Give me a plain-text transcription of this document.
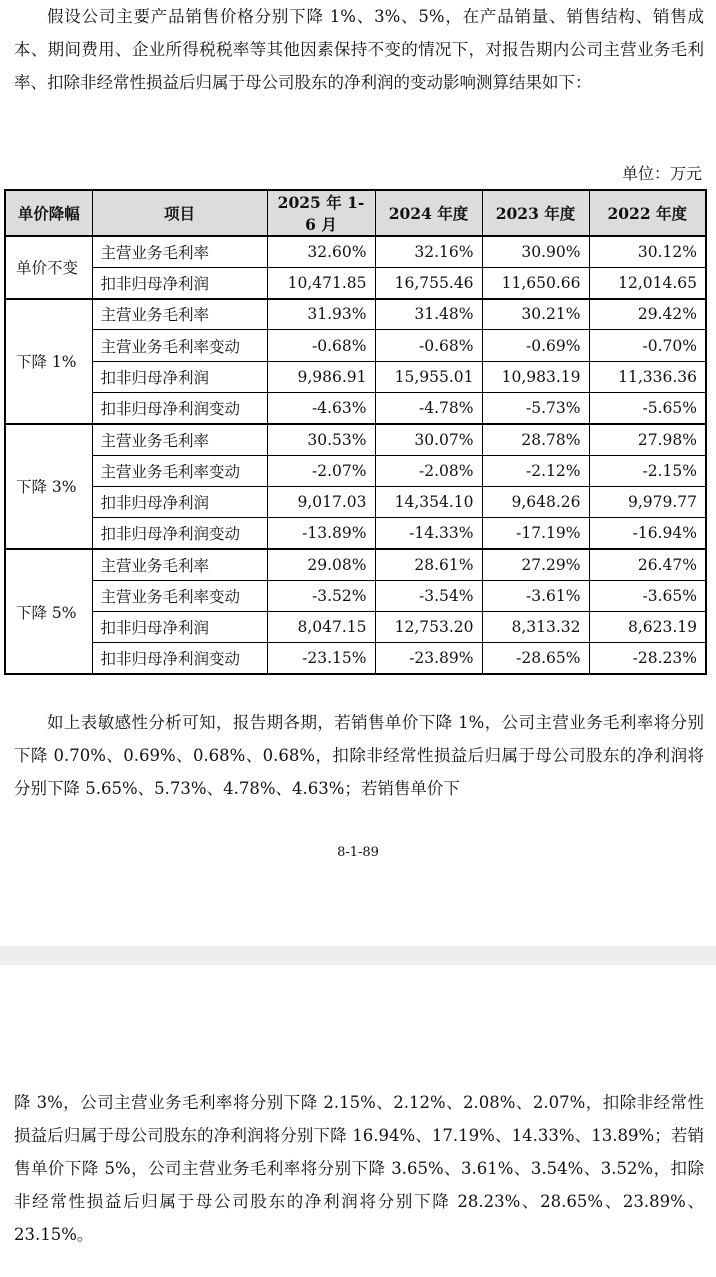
假设公司主要产品销售价格分别下降 1%、3%、5%，在产品销量、销售结构、销售成本、期间费用、企业所得税税率等其他因素保持不变的情况下，对报告期内公司主营业务毛利率、扣除非经常性损益后归属于母公司股东的净利润的变动影响测算结果如下：

单位：万元
单价降幅	项目	2025 年 1-6 月	2024 年度	2023 年度	2022 年度
单价不变	主营业务毛利率	32.60%	32.16%	30.90%	30.12%
	扣非归母净利润	10,471.85	16,755.46	11,650.66	12,014.65
下降 1%	主营业务毛利率	31.93%	31.48%	30.21%	29.42%
	主营业务毛利率变动	-0.68%	-0.68%	-0.69%	-0.70%
	扣非归母净利润	9,986.91	15,955.01	10,983.19	11,336.36
	扣非归母净利润变动	-4.63%	-4.78%	-5.73%	-5.65%
下降 3%	主营业务毛利率	30.53%	30.07%	28.78%	27.98%
	主营业务毛利率变动	-2.07%	-2.08%	-2.12%	-2.15%
	扣非归母净利润	9,017.03	14,354.10	9,648.26	9,979.77
	扣非归母净利润变动	-13.89%	-14.33%	-17.19%	-16.94%
下降 5%	主营业务毛利率	29.08%	28.61%	27.29%	26.47%
	主营业务毛利率变动	-3.52%	-3.54%	-3.61%	-3.65%
	扣非归母净利润	8,047.15	12,753.20	8,313.32	8,623.19
	扣非归母净利润变动	-23.15%	-23.89%	-28.65%	-28.23%

如上表敏感性分析可知，报告期各期，若销售单价下降 1%，公司主营业务毛利率将分别下降 0.70%、0.69%、0.68%、0.68%，扣除非经常性损益后归属于母公司股东的净利润将分别下降 5.65%、5.73%、4.78%、4.63%；若销售单价下

8-1-89

降 3%，公司主营业务毛利率将分别下降 2.15%、2.12%、2.08%、2.07%，扣除非经常性损益后归属于母公司股东的净利润将分别下降 16.94%、17.19%、14.33%、13.89%；若销售单价下降 5%，公司主营业务毛利率将分别下降 3.65%、3.61%、3.54%、3.52%，扣除非经常性损益后归属于母公司股东的净利润将分别下降 28.23%、28.65%、23.89%、23.15%。
